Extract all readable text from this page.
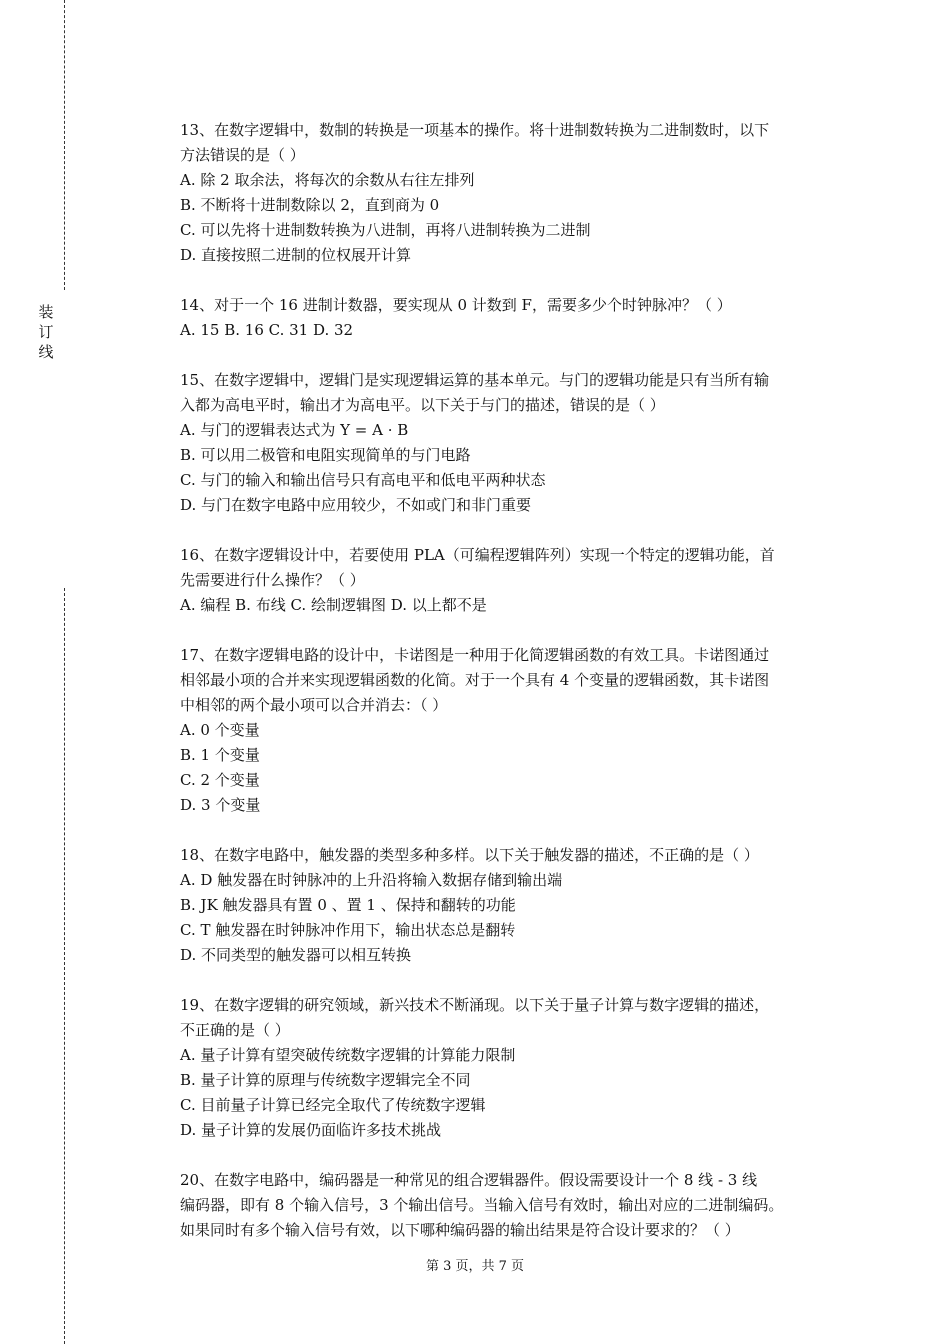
装
订
线
13、在数字逻辑中，数制的转换是一项基本的操作。将十进制数转换为二进制数时，以下
方法错误的是（ ）
A. 除 2 取余法，将每次的余数从右往左排列
B. 不断将十进制数除以 2，直到商为 0
C. 可以先将十进制数转换为八进制，再将八进制转换为二进制
D. 直接按照二进制的位权展开计算
14、对于一个 16 进制计数器，要实现从 0 计数到 F，需要多少个时钟脉冲？（ ）
A. 15 B. 16 C. 31 D. 32
15、在数字逻辑中，逻辑门是实现逻辑运算的基本单元。与门的逻辑功能是只有当所有输
入都为高电平时，输出才为高电平。以下关于与门的描述，错误的是（ ）
A. 与门的逻辑表达式为 Y = A · B
B. 可以用二极管和电阻实现简单的与门电路
C. 与门的输入和输出信号只有高电平和低电平两种状态
D. 与门在数字电路中应用较少，不如或门和非门重要
16、在数字逻辑设计中，若要使用 PLA（可编程逻辑阵列）实现一个特定的逻辑功能，首
先需要进行什么操作？（ ）
A. 编程 B. 布线 C. 绘制逻辑图 D. 以上都不是
17、在数字逻辑电路的设计中，卡诺图是一种用于化简逻辑函数的有效工具。卡诺图通过
相邻最小项的合并来实现逻辑函数的化简。对于一个具有 4 个变量的逻辑函数，其卡诺图
中相邻的两个最小项可以合并消去：（ ）
A. 0 个变量
B. 1 个变量
C. 2 个变量
D. 3 个变量
18、在数字电路中，触发器的类型多种多样。以下关于触发器的描述，不正确的是（ ）
A. D 触发器在时钟脉冲的上升沿将输入数据存储到输出端
B. JK 触发器具有置 0 、置 1 、保持和翻转的功能
C. T 触发器在时钟脉冲作用下，输出状态总是翻转
D. 不同类型的触发器可以相互转换
19、在数字逻辑的研究领域，新兴技术不断涌现。以下关于量子计算与数字逻辑的描述，
不正确的是（ ）
A. 量子计算有望突破传统数字逻辑的计算能力限制
B. 量子计算的原理与传统数字逻辑完全不同
C. 目前量子计算已经完全取代了传统数字逻辑
D. 量子计算的发展仍面临许多技术挑战
20、在数字电路中，编码器是一种常见的组合逻辑器件。假设需要设计一个 8 线 - 3 线
编码器，即有 8 个输入信号，3 个输出信号。当输入信号有效时，输出对应的二进制编码。
如果同时有多个输入信号有效，以下哪种编码器的输出结果是符合设计要求的？（ ）
第 3 页，共 7 页
